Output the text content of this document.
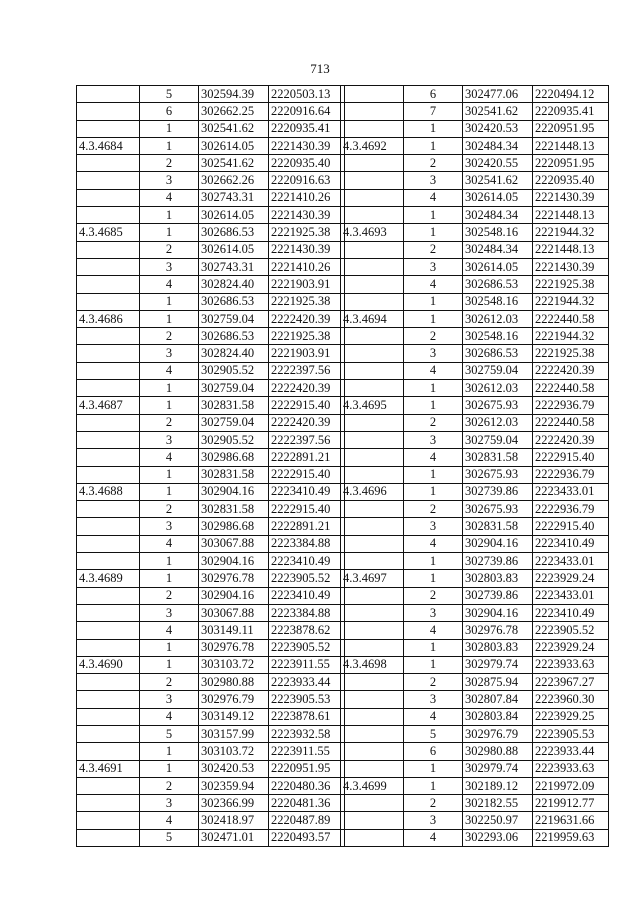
713
	5	302594.39	2220503.13
	6	302662.25	2220916.64
	1	302541.62	2220935.41
4.3.4684	1	302614.05	2221430.39
	2	302541.62	2220935.40
	3	302662.26	2220916.63
	4	302743.31	2221410.26
	1	302614.05	2221430.39
4.3.4685	1	302686.53	2221925.38
	2	302614.05	2221430.39
	3	302743.31	2221410.26
	4	302824.40	2221903.91
	1	302686.53	2221925.38
4.3.4686	1	302759.04	2222420.39
	2	302686.53	2221925.38
	3	302824.40	2221903.91
	4	302905.52	2222397.56
	1	302759.04	2222420.39
4.3.4687	1	302831.58	2222915.40
	2	302759.04	2222420.39
	3	302905.52	2222397.56
	4	302986.68	2222891.21
	1	302831.58	2222915.40
4.3.4688	1	302904.16	2223410.49
	2	302831.58	2222915.40
	3	302986.68	2222891.21
	4	303067.88	2223384.88
	1	302904.16	2223410.49
4.3.4689	1	302976.78	2223905.52
	2	302904.16	2223410.49
	3	303067.88	2223384.88
	4	303149.11	2223878.62
	1	302976.78	2223905.52
4.3.4690	1	303103.72	2223911.55
	2	302980.88	2223933.44
	3	302976.79	2223905.53
	4	303149.12	2223878.61
	5	303157.99	2223932.58
	1	303103.72	2223911.55
4.3.4691	1	302420.53	2220951.95
	2	302359.94	2220480.36
	3	302366.99	2220481.36
	4	302418.97	2220487.89
	5	302471.01	2220493.57
	6	302477.06	2220494.12
	7	302541.62	2220935.41
	1	302420.53	2220951.95
4.3.4692	1	302484.34	2221448.13
	2	302420.55	2220951.95
	3	302541.62	2220935.40
	4	302614.05	2221430.39
	1	302484.34	2221448.13
4.3.4693	1	302548.16	2221944.32
	2	302484.34	2221448.13
	3	302614.05	2221430.39
	4	302686.53	2221925.38
	1	302548.16	2221944.32
4.3.4694	1	302612.03	2222440.58
	2	302548.16	2221944.32
	3	302686.53	2221925.38
	4	302759.04	2222420.39
	1	302612.03	2222440.58
4.3.4695	1	302675.93	2222936.79
	2	302612.03	2222440.58
	3	302759.04	2222420.39
	4	302831.58	2222915.40
	1	302675.93	2222936.79
4.3.4696	1	302739.86	2223433.01
	2	302675.93	2222936.79
	3	302831.58	2222915.40
	4	302904.16	2223410.49
	1	302739.86	2223433.01
4.3.4697	1	302803.83	2223929.24
	2	302739.86	2223433.01
	3	302904.16	2223410.49
	4	302976.78	2223905.52
	1	302803.83	2223929.24
4.3.4698	1	302979.74	2223933.63
	2	302875.94	2223967.27
	3	302807.84	2223960.30
	4	302803.84	2223929.25
	5	302976.79	2223905.53
	6	302980.88	2223933.44
	1	302979.74	2223933.63
4.3.4699	1	302189.12	2219972.09
	2	302182.55	2219912.77
	3	302250.97	2219631.66
	4	302293.06	2219959.63
